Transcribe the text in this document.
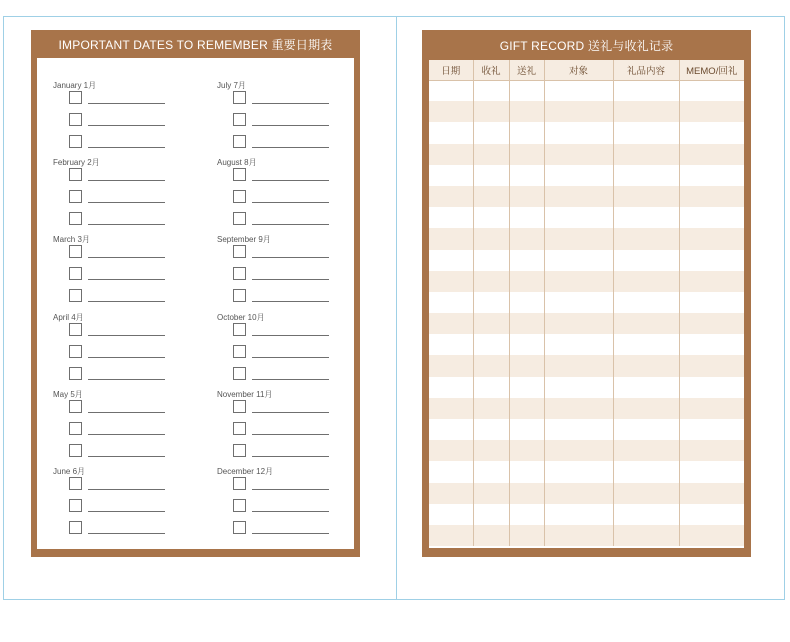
IMPORTANT DATES TO REMEMBER 重要日期表
January 1月
February 2月
March 3月
April 4月
May 5月
June 6月
July 7月
August 8月
September 9月
October 10月
November 11月
December 12月
GIFT RECORD 送礼与收礼记录
日期	收礼	送礼	对象	礼品内容	MEMO/回礼
